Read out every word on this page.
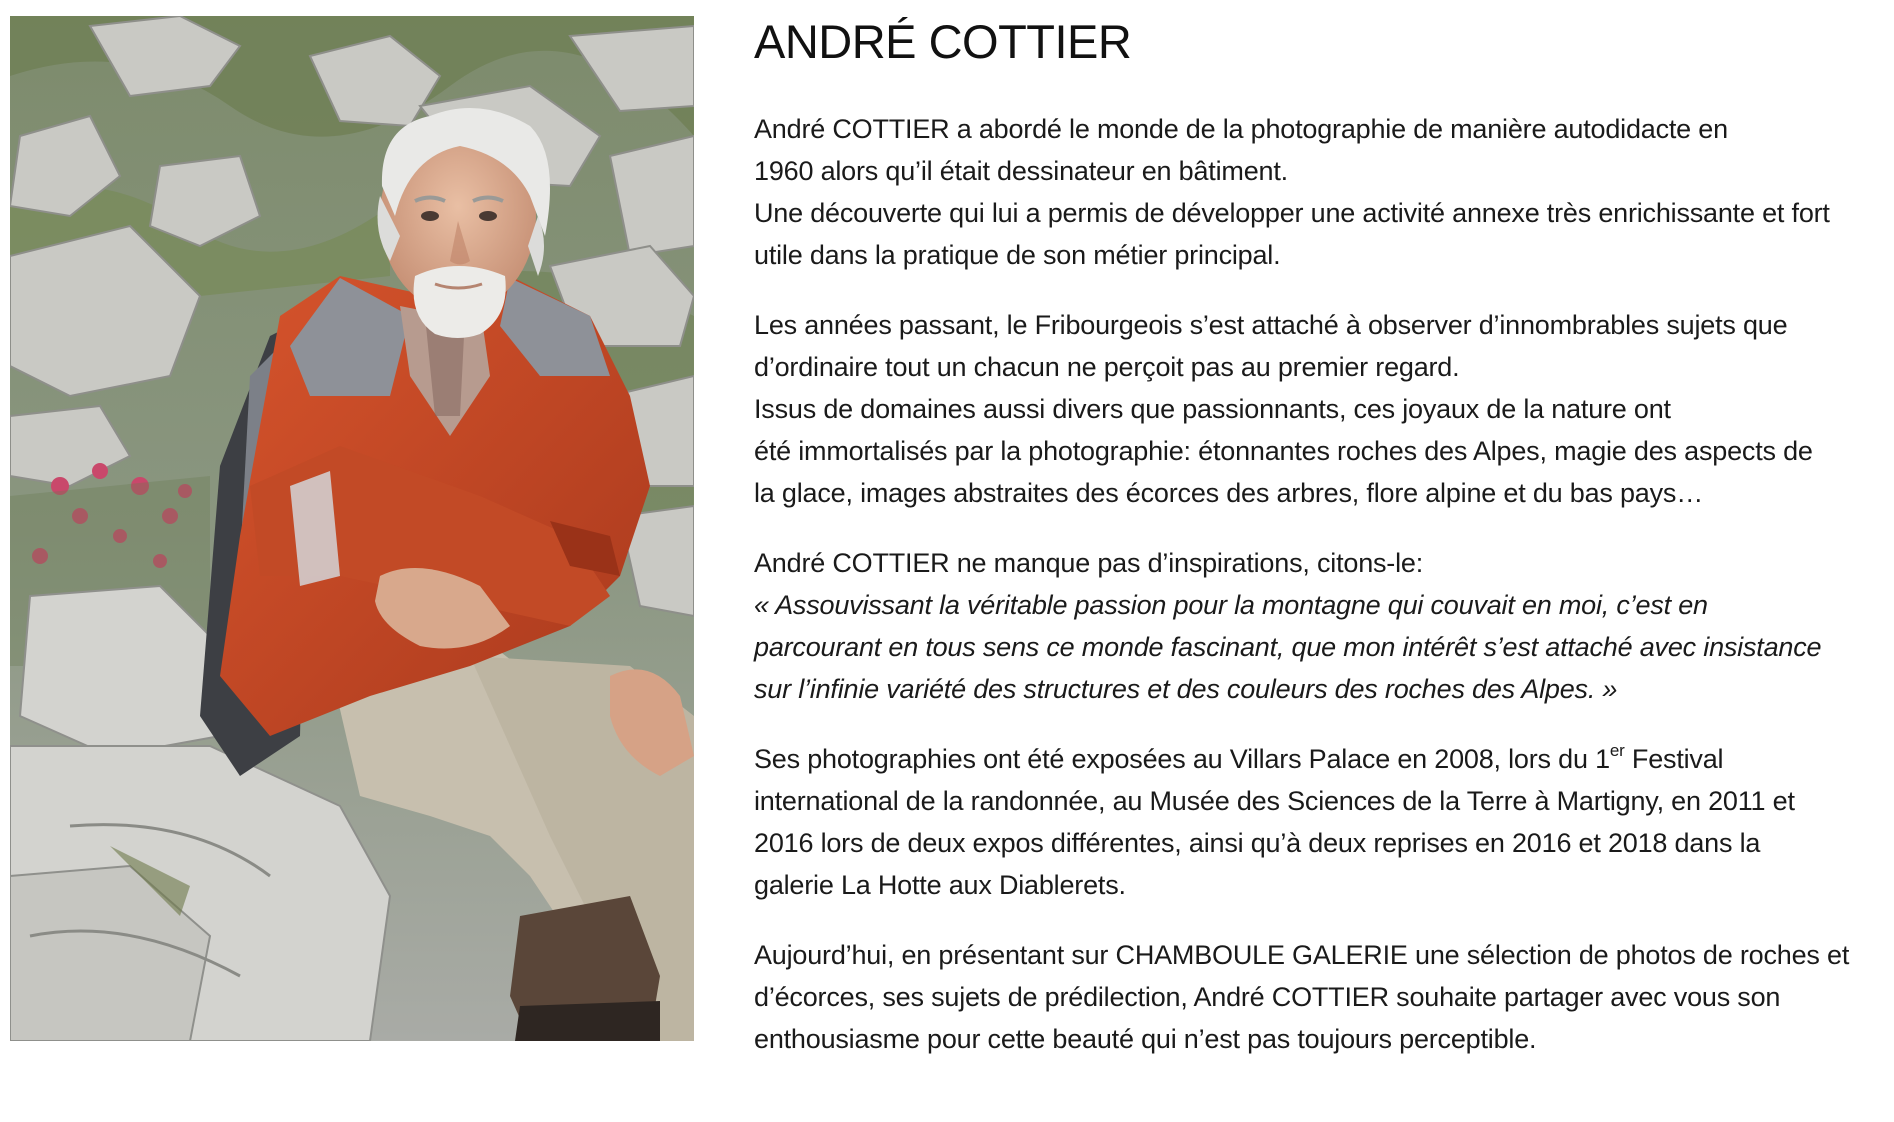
ANDRÉ COTTIER

André COTTIER a abordé le monde de la photographie de manière autodidacte en
1960 alors qu’il était dessinateur en bâtiment.
Une découverte qui lui a permis de développer une activité annexe très enrichissante et fort
utile dans la pratique de son métier principal.

Les années passant, le Fribourgeois s’est attaché à observer d’innombrables sujets que
d’ordinaire tout un chacun ne perçoit pas au premier regard.
Issus de domaines aussi divers que passionnants, ces joyaux de la nature ont
été immortalisés par la photographie: étonnantes roches des Alpes, magie des aspects de
la glace, images abstraites des écorces des arbres, flore alpine et du bas pays…

André COTTIER ne manque pas d’inspirations, citons-le:
« Assouvissant la véritable passion pour la montagne qui couvait en moi, c’est en
parcourant en tous sens ce monde fascinant, que mon intérêt s’est attaché avec insistance
sur l’infinie variété des structures et des couleurs des roches des Alpes. »

Ses photographies ont été exposées au Villars Palace en 2008, lors du 1er Festival
international de la randonnée, au Musée des Sciences de la Terre à Martigny, en 2011 et
2016 lors de deux expos différentes, ainsi qu’à deux reprises en 2016 et 2018 dans la
galerie La Hotte aux Diablerets.

Aujourd’hui, en présentant sur CHAMBOULE GALERIE une sélection de photos de roches et
d’écorces, ses sujets de prédilection, André COTTIER souhaite partager avec vous son
enthousiasme pour cette beauté qui n’est pas toujours perceptible.
